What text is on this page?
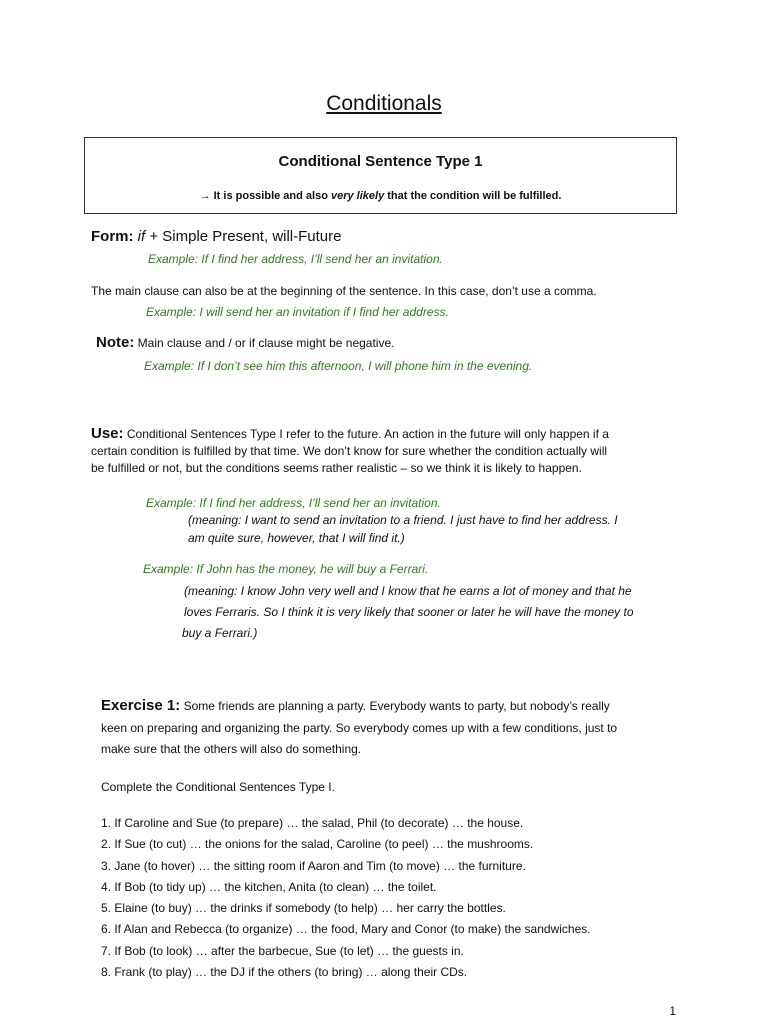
Conditionals
Conditional Sentence Type 1
→ It is possible and also very likely that the condition will be fulfilled.
Form: if + Simple Present, will-Future
Example: If I find her address, I’ll send her an invitation.
The main clause can also be at the beginning of the sentence. In this case, don’t use a comma.
Example: I will send her an invitation if I find her address.
Note: Main clause and / or if clause might be negative.
Example: If I don’t see him this afternoon, I will phone him in the evening.
Use: Conditional Sentences Type I refer to the future. An action in the future will only happen if a
certain condition is fulfilled by that time. We don’t know for sure whether the condition actually will
be fulfilled or not, but the conditions seems rather realistic – so we think it is likely to happen.
Example: If I find her address, I’ll send her an invitation.
(meaning: I want to send an invitation to a friend. I just have to find her address. I
am quite sure, however, that I will find it.)
Example: If John has the money, he will buy a Ferrari.
(meaning: I know John very well and I know that he earns a lot of money and that he
loves Ferraris. So I think it is very likely that sooner or later he will have the money to
buy a Ferrari.)
Exercise 1: Some friends are planning a party. Everybody wants to party, but nobody’s really
keen on preparing and organizing the party. So everybody comes up with a few conditions, just to
make sure that the others will also do something.
Complete the Conditional Sentences Type I.
1. If Caroline and Sue (to prepare) … the salad, Phil (to decorate) … the house.
2. If Sue (to cut) … the onions for the salad, Caroline (to peel) … the mushrooms.
3. Jane (to hover) … the sitting room if Aaron and Tim (to move) … the furniture.
4. If Bob (to tidy up) … the kitchen, Anita (to clean) … the toilet.
5. Elaine (to buy) … the drinks if somebody (to help) … her carry the bottles.
6. If Alan and Rebecca (to organize) … the food, Mary and Conor (to make) the sandwiches.
7. If Bob (to look) … after the barbecue, Sue (to let) … the guests in.
8. Frank (to play) … the DJ if the others (to bring) … along their CDs.
1
